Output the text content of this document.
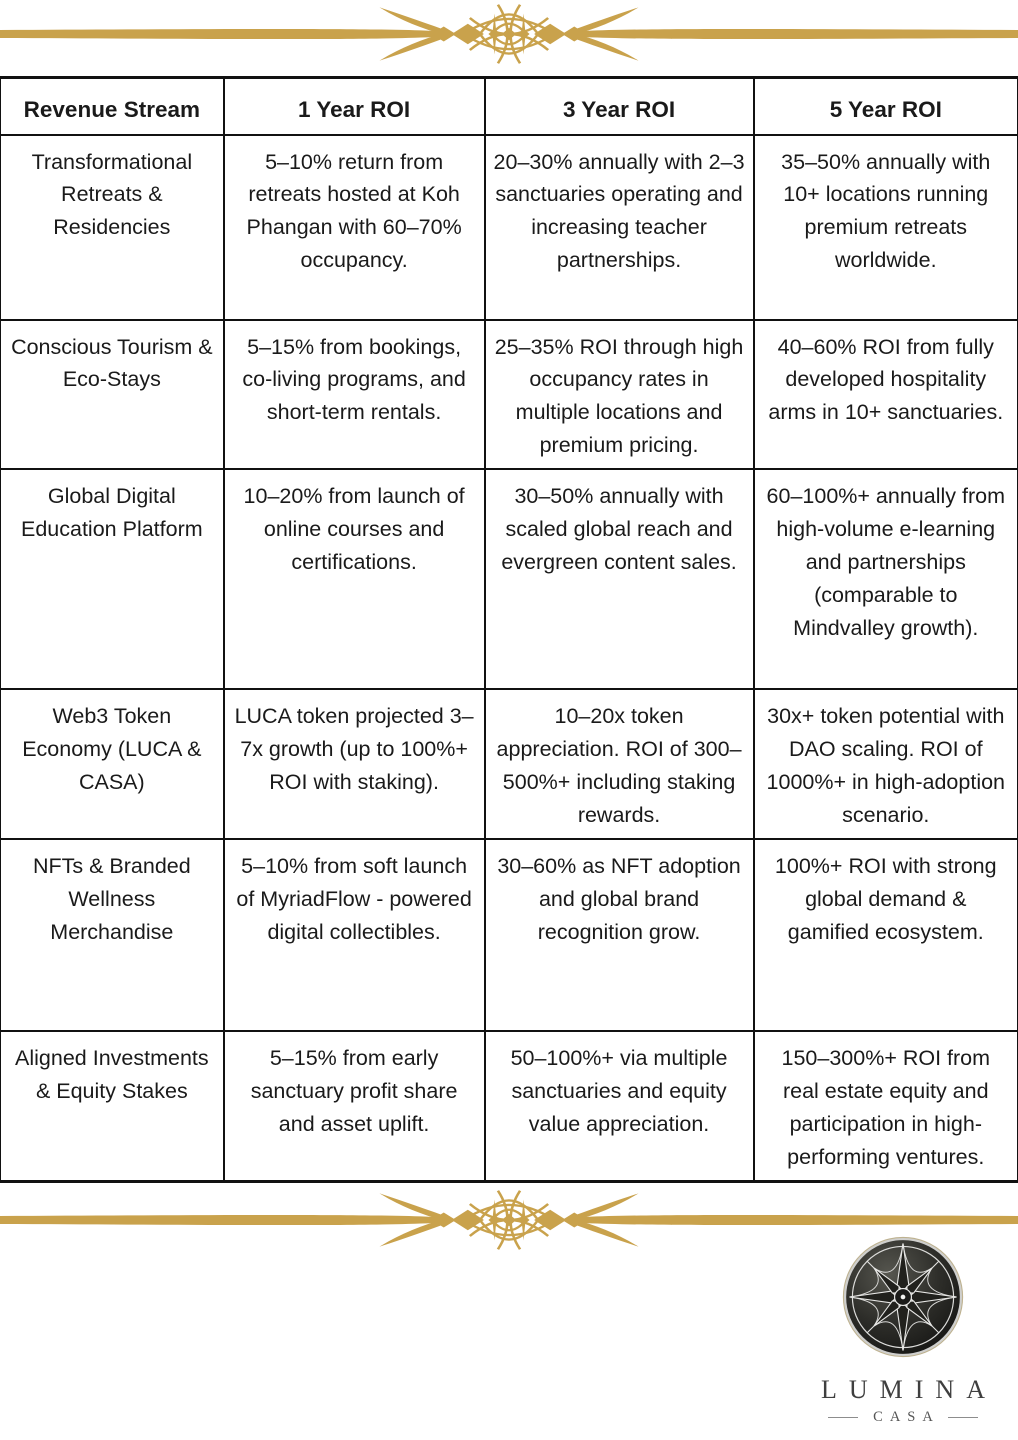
Revenue Stream	1 Year ROI	3 Year ROI	5 Year ROI
Transformational Retreats & Residencies	5–10% return from retreats hosted at Koh Phangan with 60–70% occupancy.	20–30% annually with 2–3 sanctuaries operating and increasing teacher partnerships.	35–50% annually with 10+ locations running premium retreats worldwide.
Conscious Tourism & Eco-Stays	5–15% from bookings, co-living programs, and short-term rentals.	25–35% ROI through high occupancy rates in multiple locations and premium pricing.	40–60% ROI from fully developed hospitality arms in 10+ sanctuaries.
Global Digital Education Platform	10–20% from launch of online courses and certifications.	30–50% annually with scaled global reach and evergreen content sales.	60–100%+ annually from high-volume e-learning and partnerships (comparable to Mindvalley growth).
Web3 Token Economy (LUCA & CASA)	LUCA token projected 3–7x growth (up to 100%+ ROI with staking).	10–20x token appreciation. ROI of 300–500%+ including staking rewards.	30x+ token potential with DAO scaling. ROI of 1000%+ in high-adoption scenario.
NFTs & Branded Wellness Merchandise	5–10% from soft launch of MyriadFlow - powered digital collectibles.	30–60% as NFT adoption and global brand recognition grow.	100%+ ROI with strong global demand & gamified ecosystem.
Aligned Investments & Equity Stakes	5–15% from early sanctuary profit share and asset uplift.	50–100%+ via multiple sanctuaries and equity value appreciation.	150–300%+ ROI from real estate equity and participation in high-performing ventures.
LUMINA
CASA
